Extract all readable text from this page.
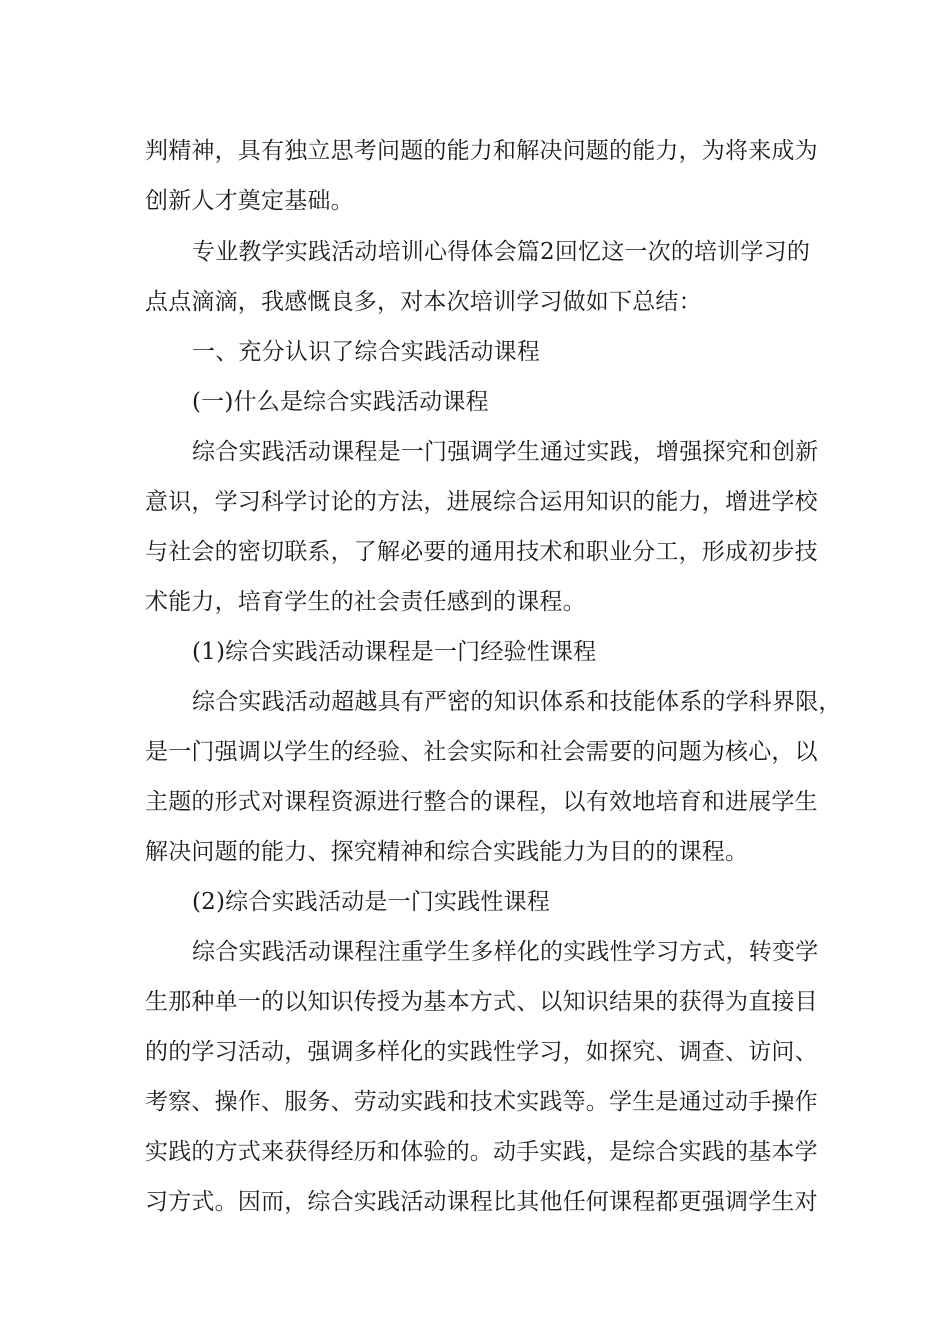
判精神，具有独立思考问题的能力和解决问题的能力，为将来成为
创新人才奠定基础。
专业教学实践活动培训心得体会篇2回忆这一次的培训学习的
点点滴滴，我感慨良多，对本次培训学习做如下总结：
一、充分认识了综合实践活动课程
(一)什么是综合实践活动课程
综合实践活动课程是一门强调学生通过实践，增强探究和创新
意识，学习科学讨论的方法，进展综合运用知识的能力，增进学校
与社会的密切联系，了解必要的通用技术和职业分工，形成初步技
术能力，培育学生的社会责任感到的课程。
(1)综合实践活动课程是一门经验性课程
综合实践活动超越具有严密的知识体系和技能体系的学科界限，
是一门强调以学生的经验、社会实际和社会需要的问题为核心，以
主题的形式对课程资源进行整合的课程，以有效地培育和进展学生
解决问题的能力、探究精神和综合实践能力为目的的课程。
(2)综合实践活动是一门实践性课程
综合实践活动课程注重学生多样化的实践性学习方式，转变学
生那种单一的以知识传授为基本方式、以知识结果的获得为直接目
的的学习活动，强调多样化的实践性学习，如探究、调查、访问、
考察、操作、服务、劳动实践和技术实践等。学生是通过动手操作
实践的方式来获得经历和体验的。动手实践，是综合实践的基本学
习方式。因而，综合实践活动课程比其他任何课程都更强调学生对
